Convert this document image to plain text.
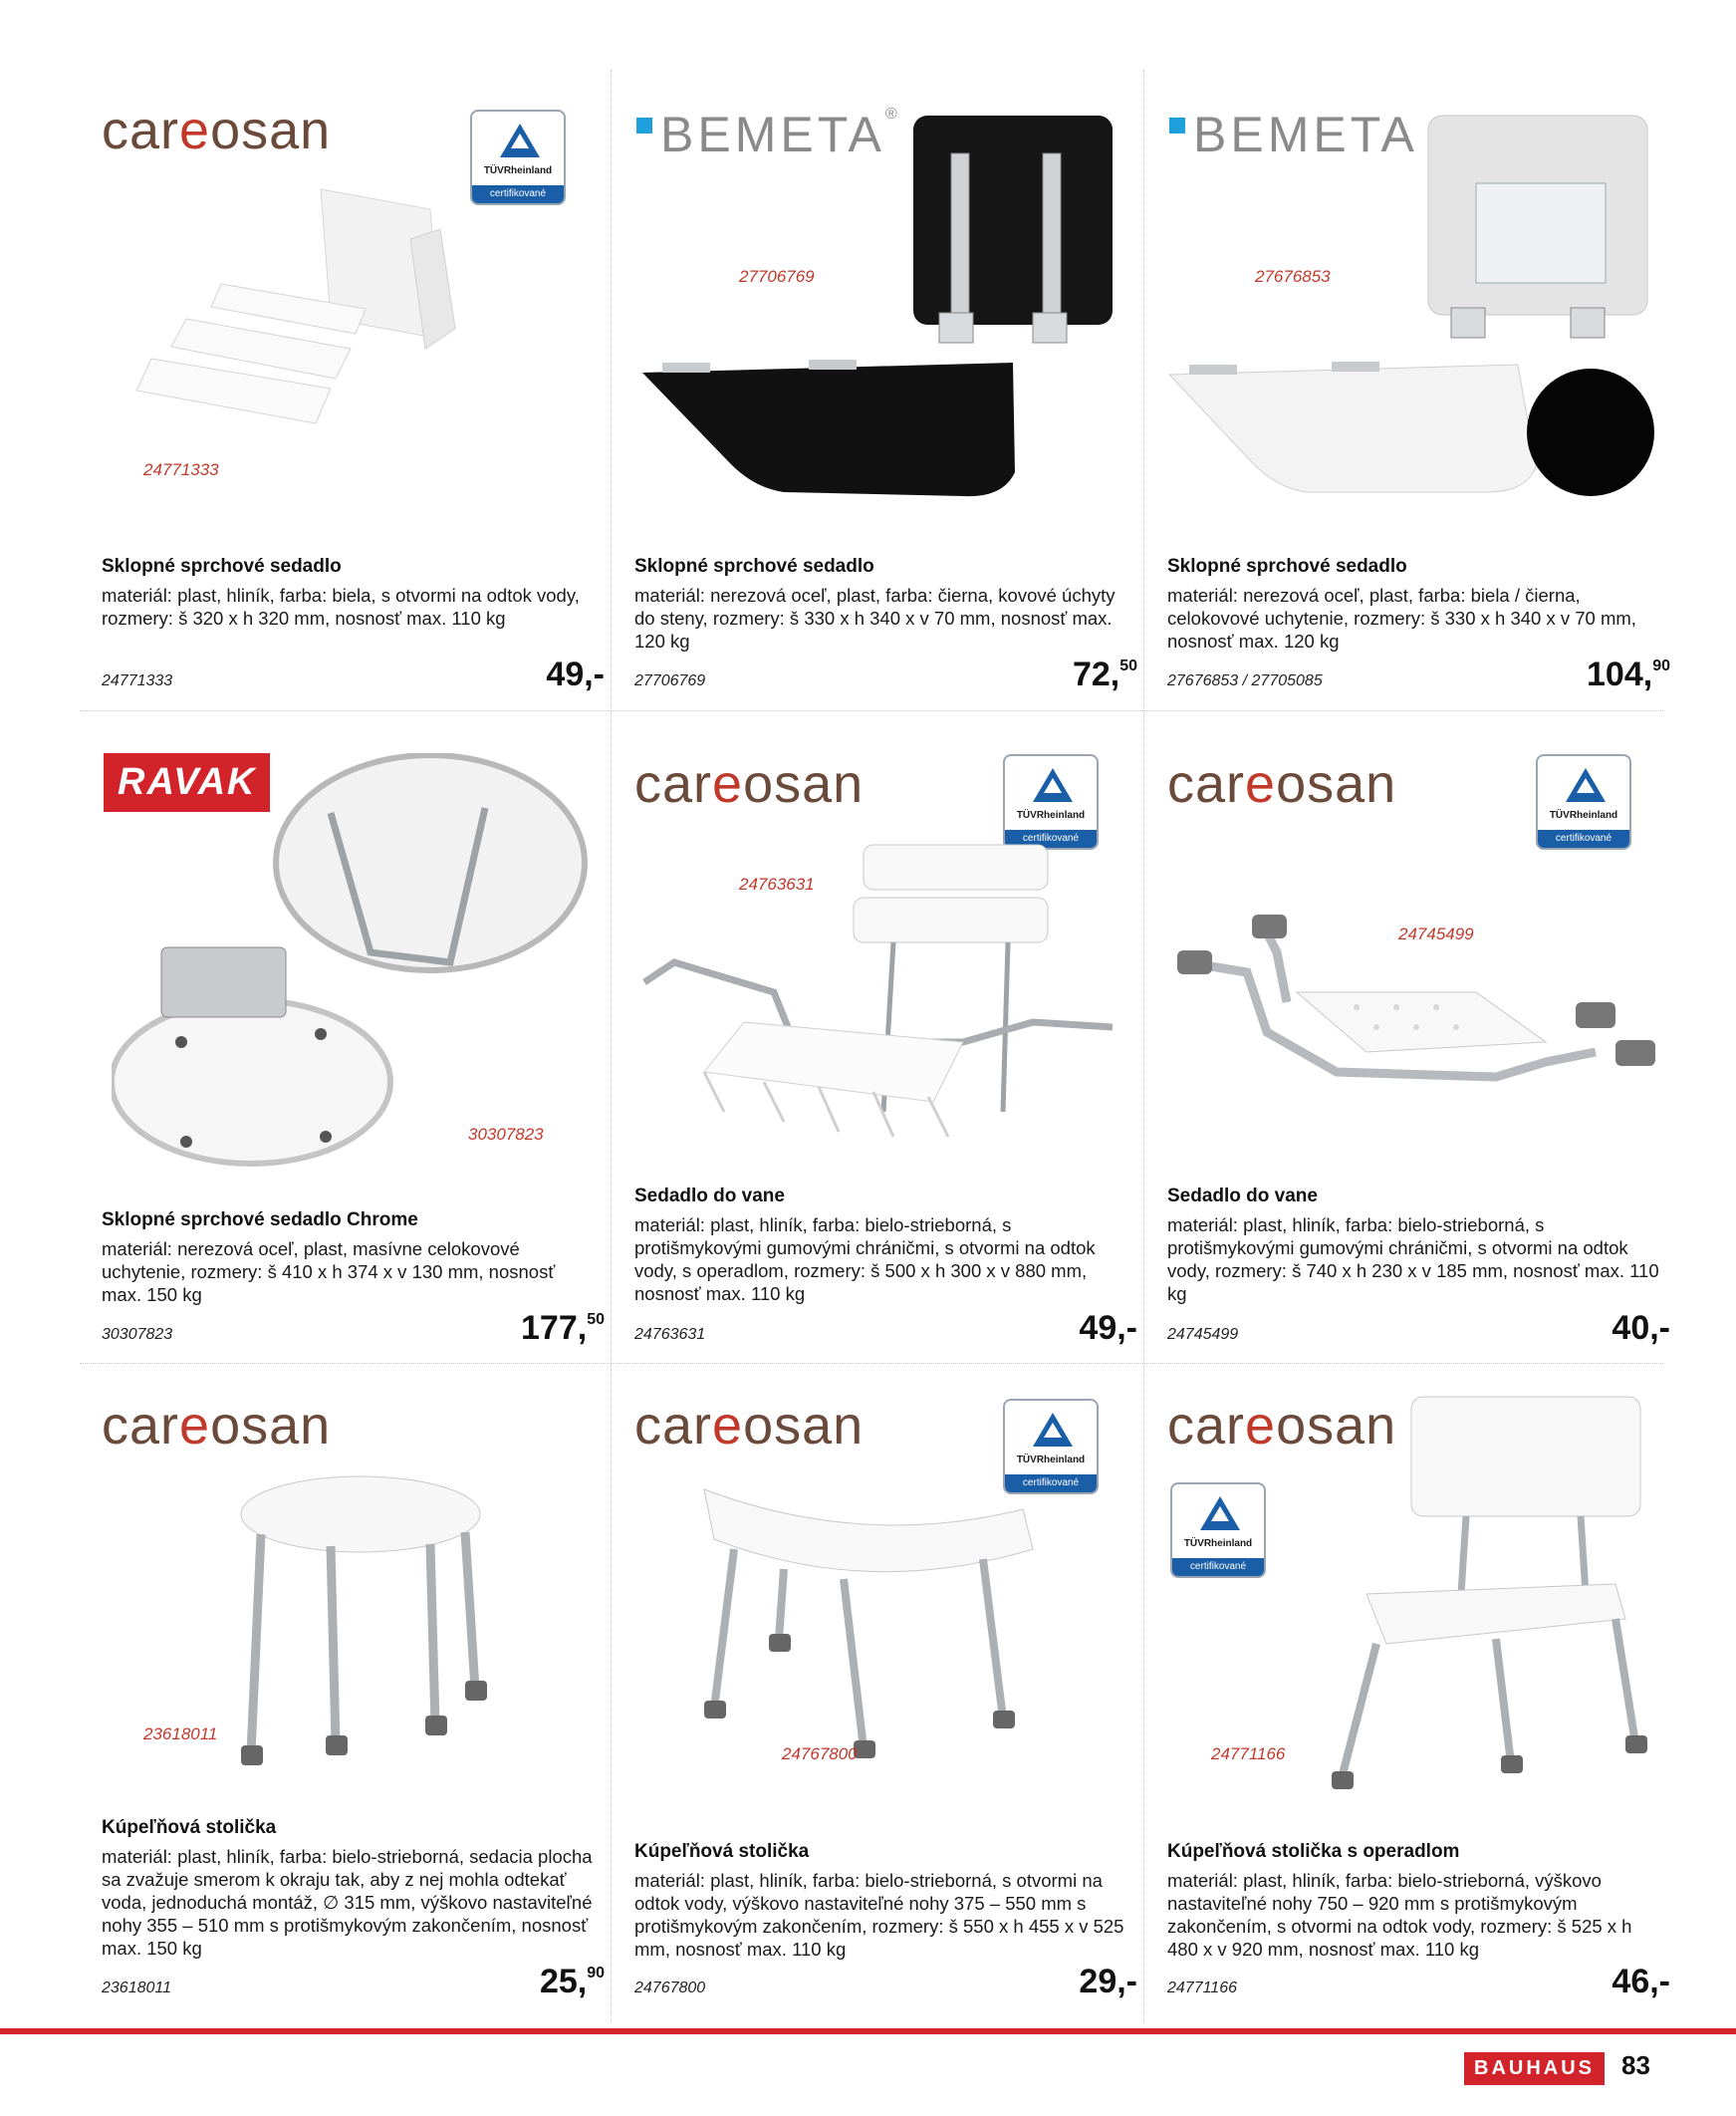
careosan
TÜVRheinland
certifikované
24771333
Sklopné sprchové sedadlo
materiál: plast, hliník, farba: biela, s otvormi na odtok vody, rozmery: š 320 x h 320 mm, nosnosť max. 110 kg
24771333	49,-
BEMETA®
27706769
Sklopné sprchové sedadlo
materiál: nerezová oceľ, plast, farba: čierna, kovové úchyty do steny, rozmery: š 330 x h 340 x v 70 mm, nosnosť max. 120 kg
27706769	72,50
BEMETA
27676853
Sklopné sprchové sedadlo
materiál: nerezová oceľ, plast, farba: biela / čierna, celokovové uchytenie, rozmery: š 330 x h 340 x v 70 mm, nosnosť max. 120 kg
27676853 / 27705085	104,90
RAVAK
30307823
Sklopné sprchové sedadlo Chrome
materiál: nerezová oceľ, plast, masívne celokovové uchytenie, rozmery: š 410 x h 374 x v 130 mm, nosnosť max. 150 kg
30307823	177,50
careosan
TÜVRheinland
certifikované
24763631
Sedadlo do vane
materiál: plast, hliník, farba: bielo-strieborná, s protišmykovými gumovými chráničmi, s otvormi na odtok vody, s operadlom, rozmery: š 500 x h 300 x v 880 mm, nosnosť max. 110 kg
24763631	49,-
careosan
TÜVRheinland
certifikované
24745499
Sedadlo do vane
materiál: plast, hliník, farba: bielo-strieborná, s protišmykovými gumovými chráničmi, s otvormi na odtok vody, rozmery: š 740 x h 230 x v 185 mm, nosnosť max. 110 kg
24745499	40,-
careosan
23618011
Kúpeľňová stolička
materiál: plast, hliník, farba: bielo-strieborná, sedacia plocha sa zvažuje smerom k okraju tak, aby z nej mohla odtekať voda, jednoduchá montáž, ∅ 315 mm, výškovo nastaviteľné nohy 355 – 510 mm s protišmykovým zakončením, nosnosť max. 150 kg
23618011	25,90
careosan
TÜVRheinland
certifikované
24767800
Kúpeľňová stolička
materiál: plast, hliník, farba: bielo-strieborná, s otvormi na odtok vody, výškovo nastaviteľné nohy 375 – 550 mm s protišmykovým zakončením, rozmery: š 550 x h 455 x v 525 mm, nosnosť max. 110 kg
24767800	29,-
careosan
TÜVRheinland
certifikované
24771166
Kúpeľňová stolička s operadlom
materiál: plast, hliník, farba: bielo-strieborná, výškovo nastaviteľné nohy 750 – 920 mm s protišmykovým zakončením, s otvormi na odtok vody, rozmery: š 525 x h 480 x v 920 mm, nosnosť max. 110 kg
24771166	46,-
BAUHAUS	83
